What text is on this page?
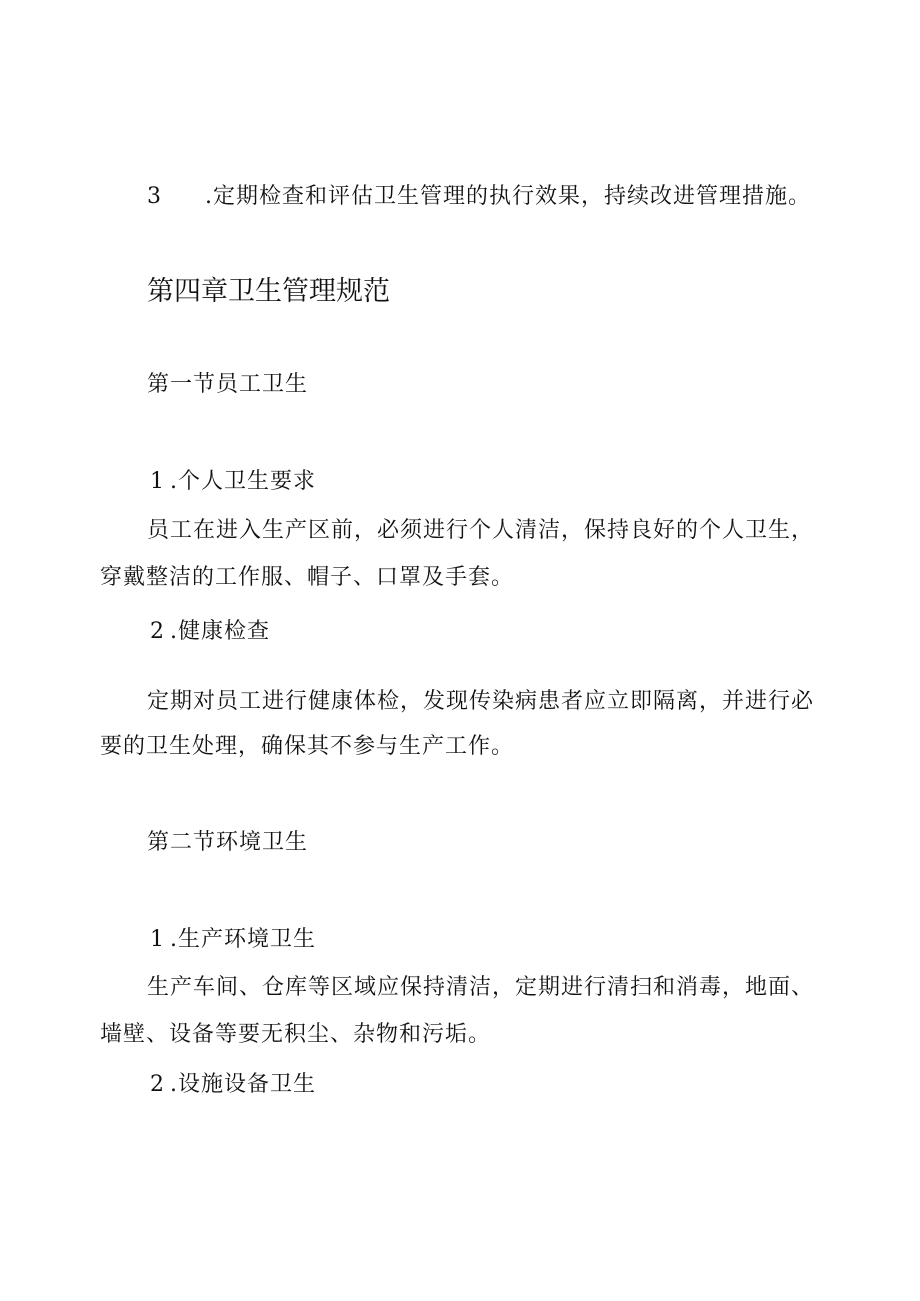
3 .定期检查和评估卫生管理的执行效果，持续改进管理措施。
第四章卫生管理规范
第一节员工卫生
1 .个人卫生要求
员工在进入生产区前，必须进行个人清洁，保持良好的个人卫生，
穿戴整洁的工作服、帽子、口罩及手套。
2 .健康检查
定期对员工进行健康体检，发现传染病患者应立即隔离，并进行必
要的卫生处理，确保其不参与生产工作。
第二节环境卫生
1 .生产环境卫生
生产车间、仓库等区域应保持清洁，定期进行清扫和消毒，地面、
墙壁、设备等要无积尘、杂物和污垢。
2 .设施设备卫生
